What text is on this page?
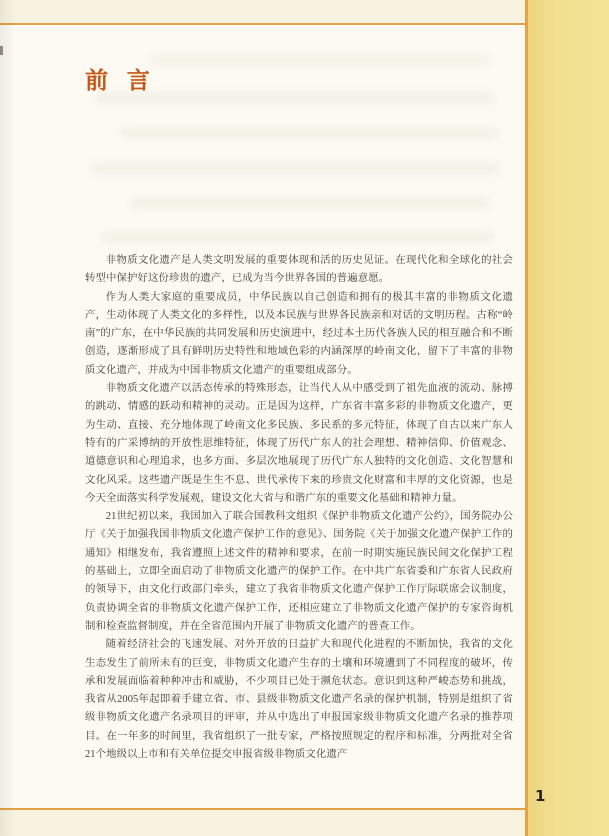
前 言

非物质文化遗产是人类文明发展的重要体现和活的历史见证。在现代化和全球化的社会转型中保护好这份珍贵的遗产，已成为当今世界各国的普遍意愿。

作为人类大家庭的重要成员，中华民族以自己创造和拥有的极其丰富的非物质文化遗产，生动体现了人类文化的多样性，以及本民族与世界各民族亲和对话的文明历程。古称“岭南”的广东，在中华民族的共同发展和历史演进中，经过本土历代各族人民的相互融合和不断创造，逐渐形成了具有鲜明历史特性和地域色彩的内涵深厚的岭南文化，留下了丰富的非物质文化遗产，并成为中国非物质文化遗产的重要组成部分。

非物质文化遗产以活态传承的特殊形态，让当代人从中感受到了祖先血液的流动、脉搏的跳动、情感的跃动和精神的灵动。正是因为这样，广东省丰富多彩的非物质文化遗产，更为生动、直接、充分地体现了岭南文化多民族、多民系的多元特征，体现了自古以来广东人特有的广采博纳的开放性思维特征，体现了历代广东人的社会理想、精神信仰、价值观念、道德意识和心理追求，也多方面、多层次地展现了历代广东人独特的文化创造、文化智慧和文化风采。这些遗产既是生生不息、世代承传下来的珍贵文化财富和丰厚的文化资源，也是今天全面落实科学发展观，建设文化大省与和谐广东的重要文化基础和精神力量。

21世纪初以来，我国加入了联合国教科文组织《保护非物质文化遗产公约》，国务院办公厅《关于加强我国非物质文化遗产保护工作的意见》、国务院《关于加强文化遗产保护工作的通知》相继发布，我省遵照上述文件的精神和要求，在前一时期实施民族民间文化保护工程的基础上，立即全面启动了非物质文化遗产的保护工作。在中共广东省委和广东省人民政府的领导下，由文化行政部门牵头，建立了我省非物质文化遗产保护工作厅际联席会议制度，负责协调全省的非物质文化遗产保护工作，还相应建立了非物质文化遗产保护的专家咨询机制和检查监督制度，并在全省范围内开展了非物质文化遗产的普查工作。

随着经济社会的飞速发展、对外开放的日益扩大和现代化进程的不断加快，我省的文化生态发生了前所未有的巨变，非物质文化遗产生存的土壤和环境遭到了不同程度的破坏，传承和发展面临着种种冲击和威胁，不少项目已处于濒危状态。意识到这种严峻态势和挑战，我省从2005年起即着手建立省、市、县级非物质文化遗产名录的保护机制，特别是组织了省级非物质文化遗产名录项目的评审，并从中选出了申报国家级非物质文化遗产名录的推荐项目。在一年多的时间里，我省组织了一批专家，严格按照规定的程序和标准，分两批对全省21个地级以上市和有关单位提交申报省级非物质文化遗产

1
